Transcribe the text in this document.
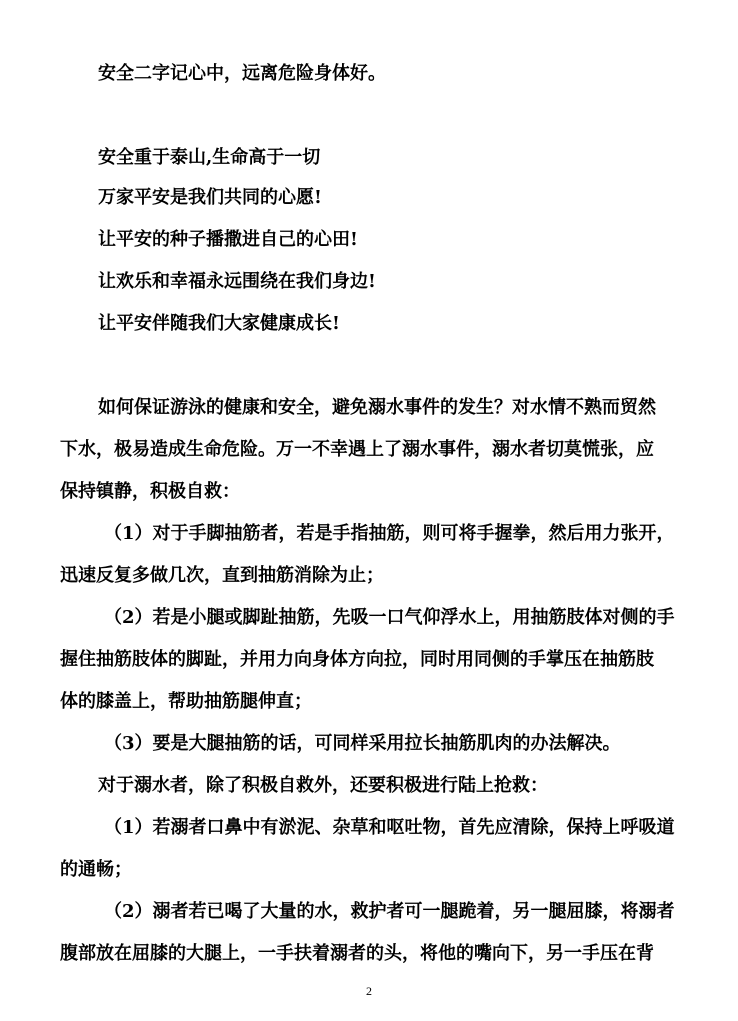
安全二字记心中，远离危险身体好。
安全重于泰山,生命高于一切
万家平安是我们共同的心愿!
让平安的种子播撒进自己的心田!
让欢乐和幸福永远围绕在我们身边!
让平安伴随我们大家健康成长!
如何保证游泳的健康和安全，避免溺水事件的发生？对水情不熟而贸然
下水，极易造成生命危险。万一不幸遇上了溺水事件，溺水者切莫慌张，应
保持镇静，积极自救：
（1）对于手脚抽筋者，若是手指抽筋，则可将手握拳，然后用力张开，
迅速反复多做几次，直到抽筋消除为止；
（2）若是小腿或脚趾抽筋，先吸一口气仰浮水上，用抽筋肢体对侧的手
握住抽筋肢体的脚趾，并用力向身体方向拉，同时用同侧的手掌压在抽筋肢
体的膝盖上，帮助抽筋腿伸直；
（3）要是大腿抽筋的话，可同样采用拉长抽筋肌肉的办法解决。
对于溺水者，除了积极自救外，还要积极进行陆上抢救：
（1）若溺者口鼻中有淤泥、杂草和呕吐物，首先应清除，保持上呼吸道
的通畅；
（2）溺者若已喝了大量的水，救护者可一腿跪着，另一腿屈膝，将溺者
腹部放在屈膝的大腿上，一手扶着溺者的头，将他的嘴向下，另一手压在背
2
